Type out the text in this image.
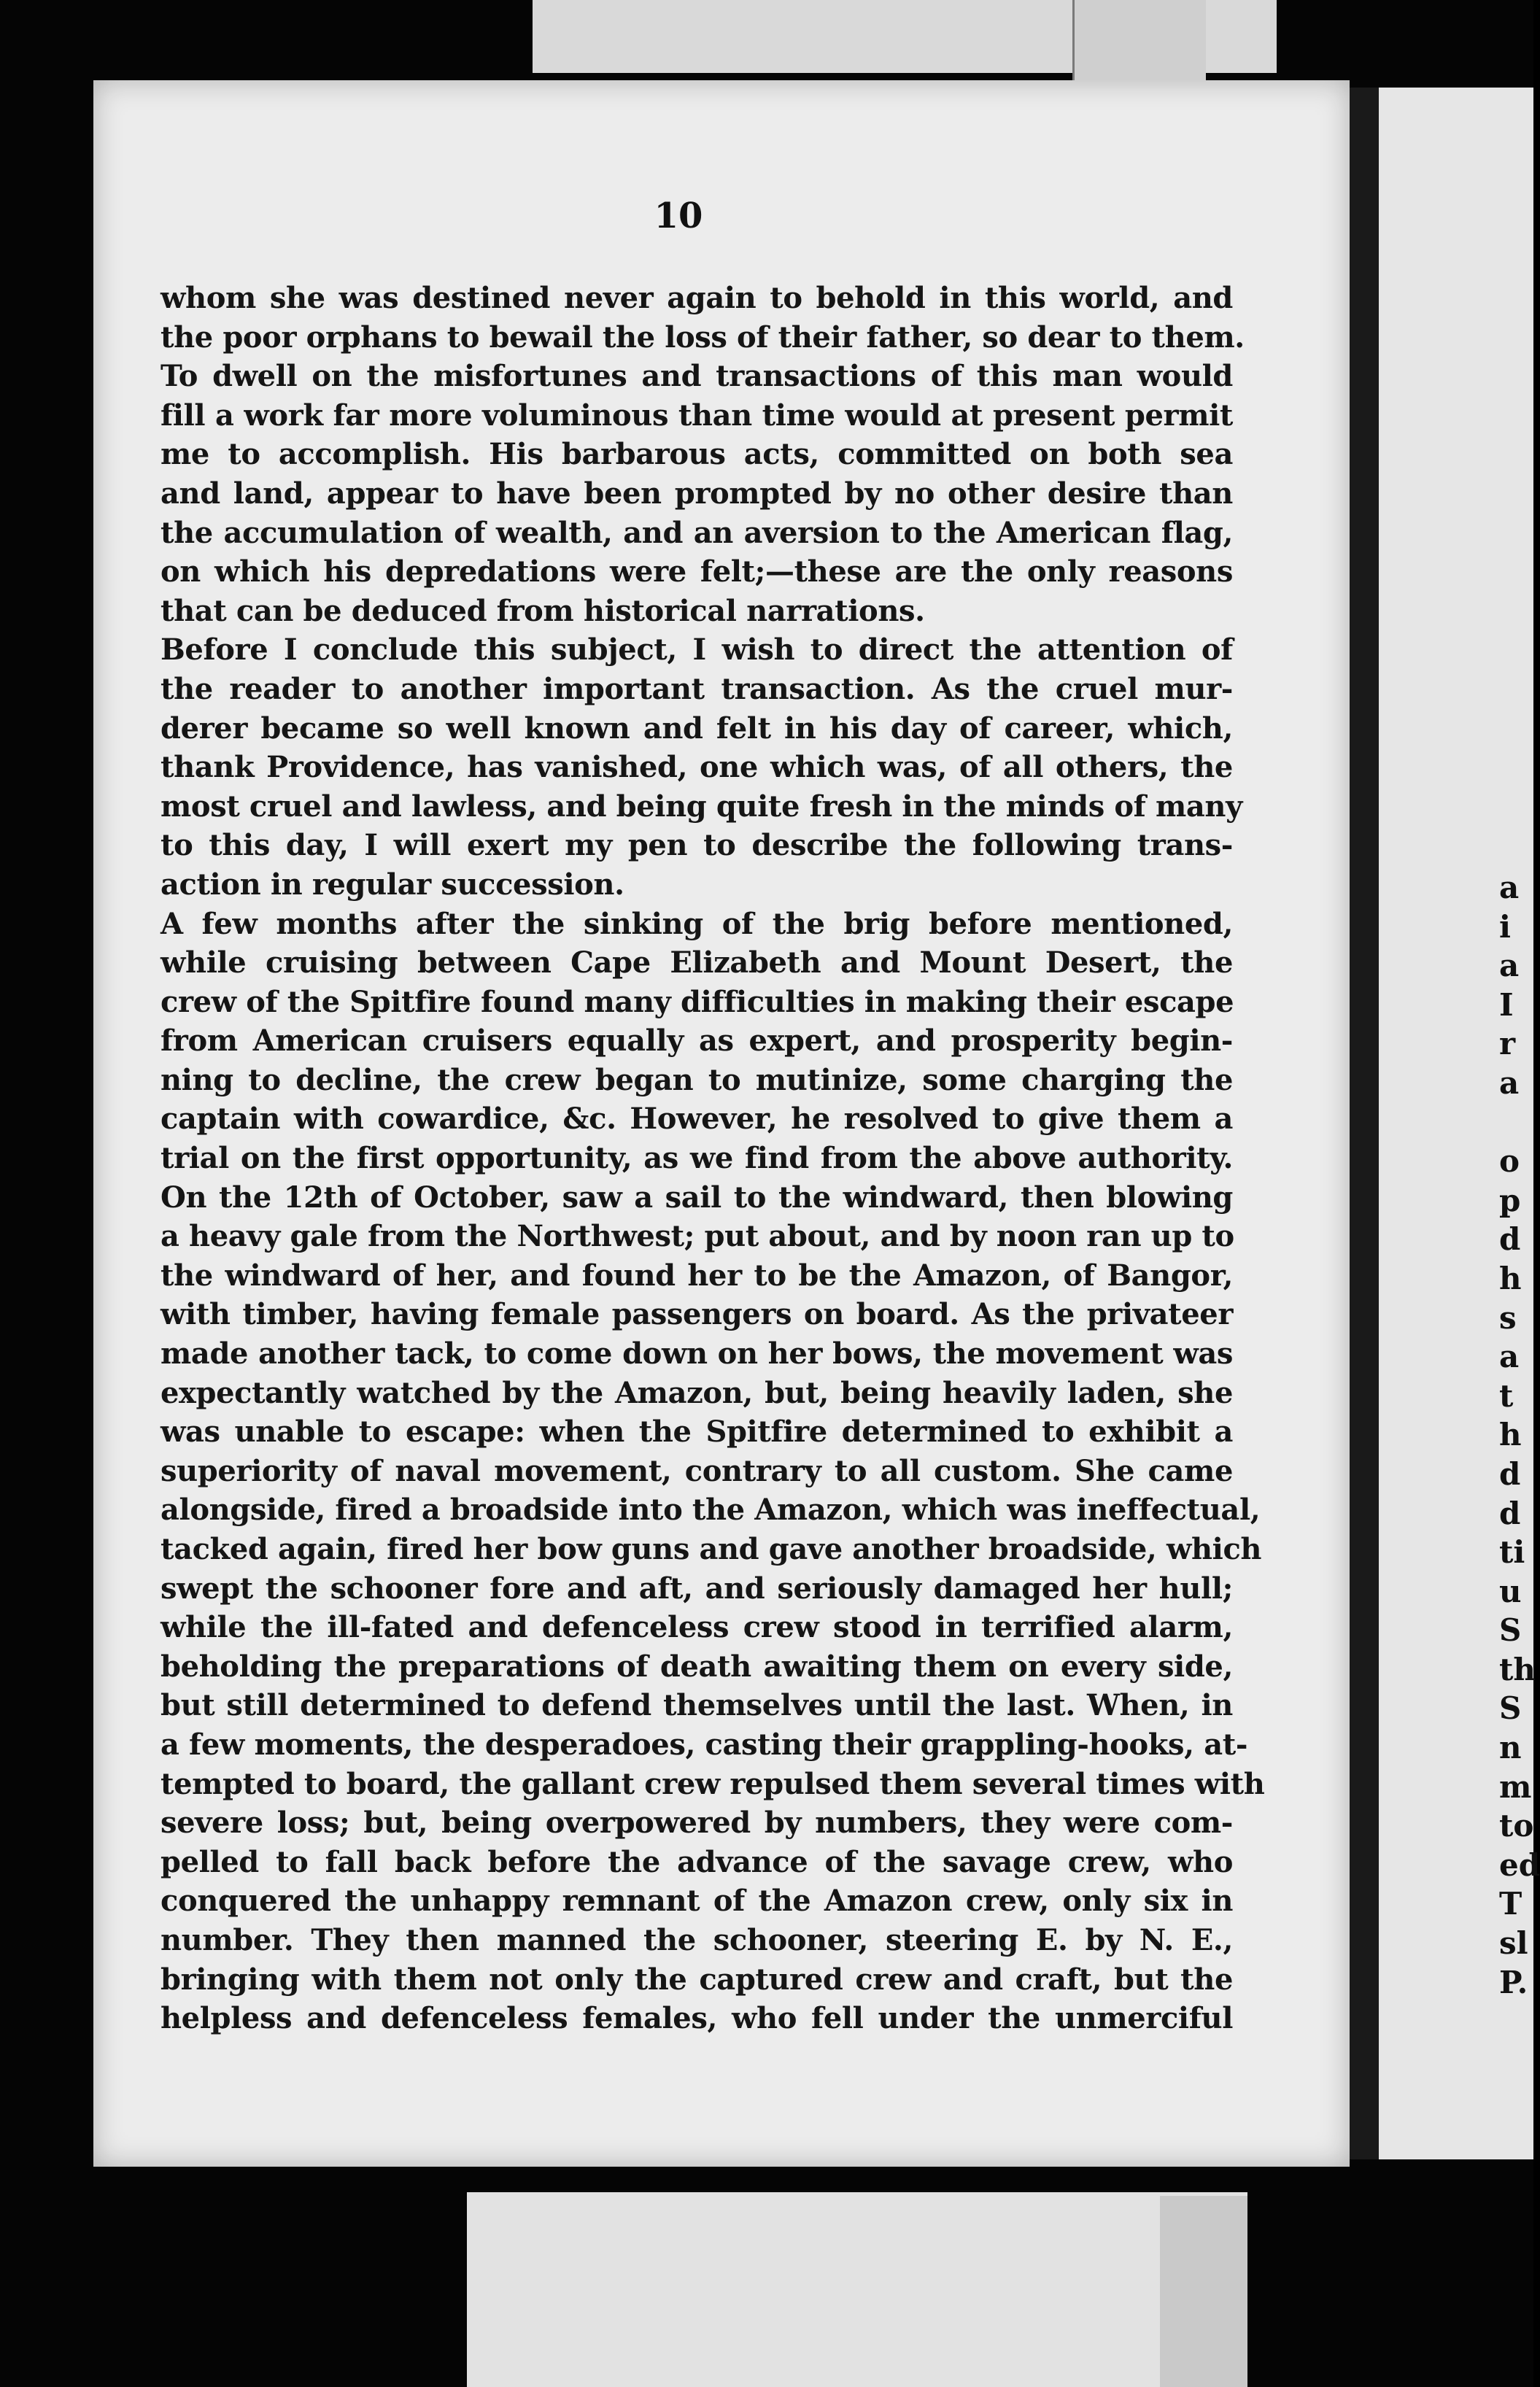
a
i
a
I
r
a
o
p
d
h
s
a
t
h
d
d
ti
u
S
th
S
n
m
to
ed
T
sl
P.
10
whom she was destined never again to behold in this world, and
the poor orphans to bewail the loss of their father, so dear to them.
To dwell on the misfortunes and transactions of this man would
fill a work far more voluminous than time would at present permit
me to accomplish. His barbarous acts, committed on both sea
and land, appear to have been prompted by no other desire than
the accumulation of wealth, and an aversion to the American flag,
on which his depredations were felt;—these are the only reasons
that can be deduced from historical narrations.
Before I conclude this subject, I wish to direct the attention of
the reader to another important transaction. As the cruel mur-
derer became so well known and felt in his day of career, which,
thank Providence, has vanished, one which was, of all others, the
most cruel and lawless, and being quite fresh in the minds of many
to this day, I will exert my pen to describe the following trans-
action in regular succession.
A few months after the sinking of the brig before mentioned,
while cruising between Cape Elizabeth and Mount Desert, the
crew of the Spitfire found many difficulties in making their escape
from American cruisers equally as expert, and prosperity begin-
ning to decline, the crew began to mutinize, some charging the
captain with cowardice, &c. However, he resolved to give them a
trial on the first opportunity, as we find from the above authority.
On the 12th of October, saw a sail to the windward, then blowing
a heavy gale from the Northwest; put about, and by noon ran up to
the windward of her, and found her to be the Amazon, of Bangor,
with timber, having female passengers on board. As the privateer
made another tack, to come down on her bows, the movement was
expectantly watched by the Amazon, but, being heavily laden, she
was unable to escape: when the Spitfire determined to exhibit a
superiority of naval movement, contrary to all custom. She came
alongside, fired a broadside into the Amazon, which was ineffectual,
tacked again, fired her bow guns and gave another broadside, which
swept the schooner fore and aft, and seriously damaged her hull;
while the ill-fated and defenceless crew stood in terrified alarm,
beholding the preparations of death awaiting them on every side,
but still determined to defend themselves until the last. When, in
a few moments, the desperadoes, casting their grappling-hooks, at-
tempted to board, the gallant crew repulsed them several times with
severe loss; but, being overpowered by numbers, they were com-
pelled to fall back before the advance of the savage crew, who
conquered the unhappy remnant of the Amazon crew, only six in
number. They then manned the schooner, steering E. by N. E.,
bringing with them not only the captured crew and craft, but the
helpless and defenceless females, who fell under the unmerciful
